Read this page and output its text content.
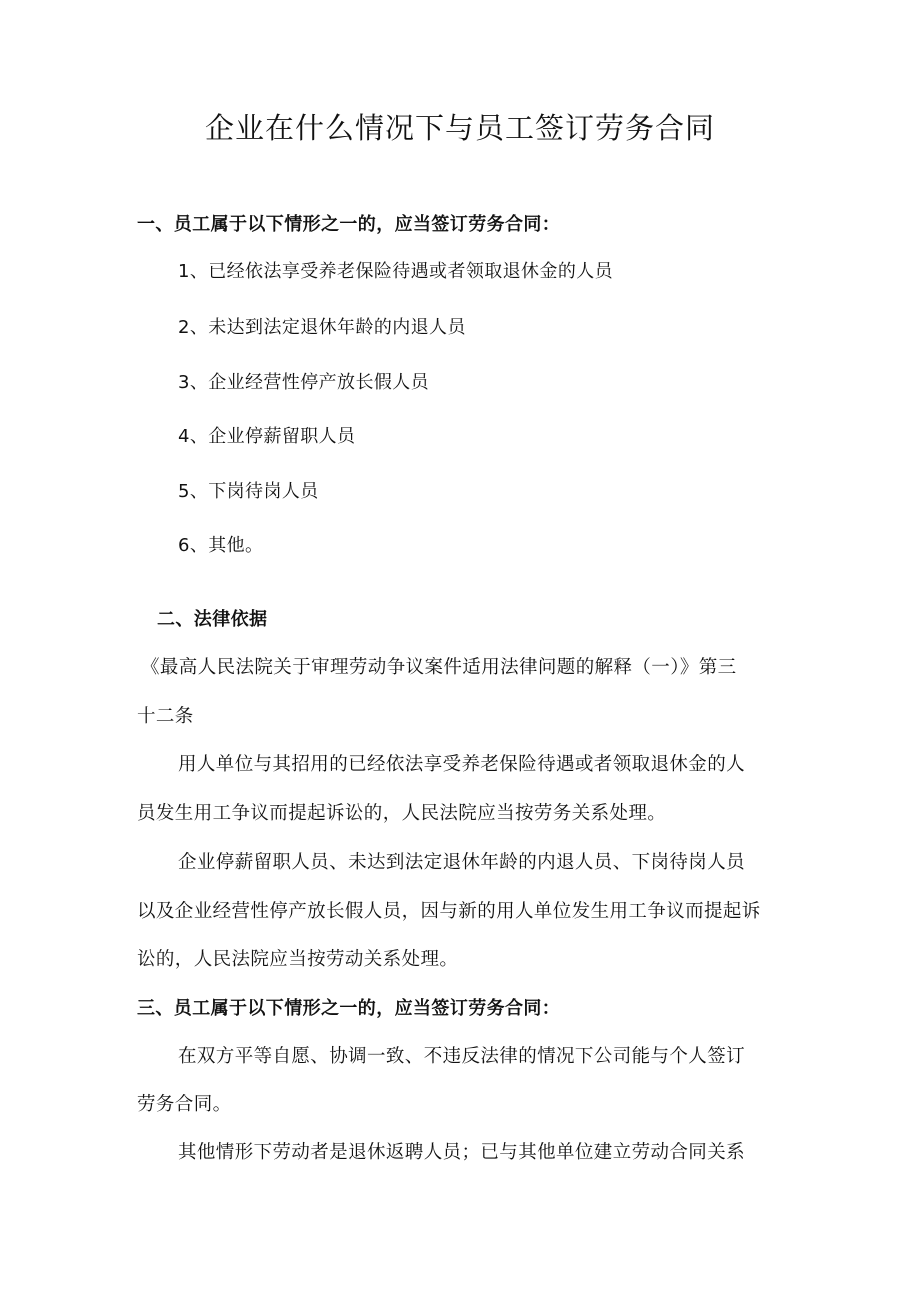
企业在什么情况下与员工签订劳务合同
一、员工属于以下情形之一的，应当签订劳务合同：
1、已经依法享受养老保险待遇或者领取退休金的人员
2、未达到法定退休年龄的内退人员
3、企业经营性停产放长假人员
4、企业停薪留职人员
5、下岗待岗人员
6、其他。
二、法律依据
《最高人民法院关于审理劳动争议案件适用法律问题的解释（一）》第三
十二条
用人单位与其招用的已经依法享受养老保险待遇或者领取退休金的人
员发生用工争议而提起诉讼的，人民法院应当按劳务关系处理。
企业停薪留职人员、未达到法定退休年龄的内退人员、下岗待岗人员
以及企业经营性停产放长假人员，因与新的用人单位发生用工争议而提起诉
讼的，人民法院应当按劳动关系处理。
三、员工属于以下情形之一的，应当签订劳务合同：
在双方平等自愿、协调一致、不违反法律的情况下公司能与个人签订
劳务合同。
其他情形下劳动者是退休返聘人员；已与其他单位建立劳动合同关系
